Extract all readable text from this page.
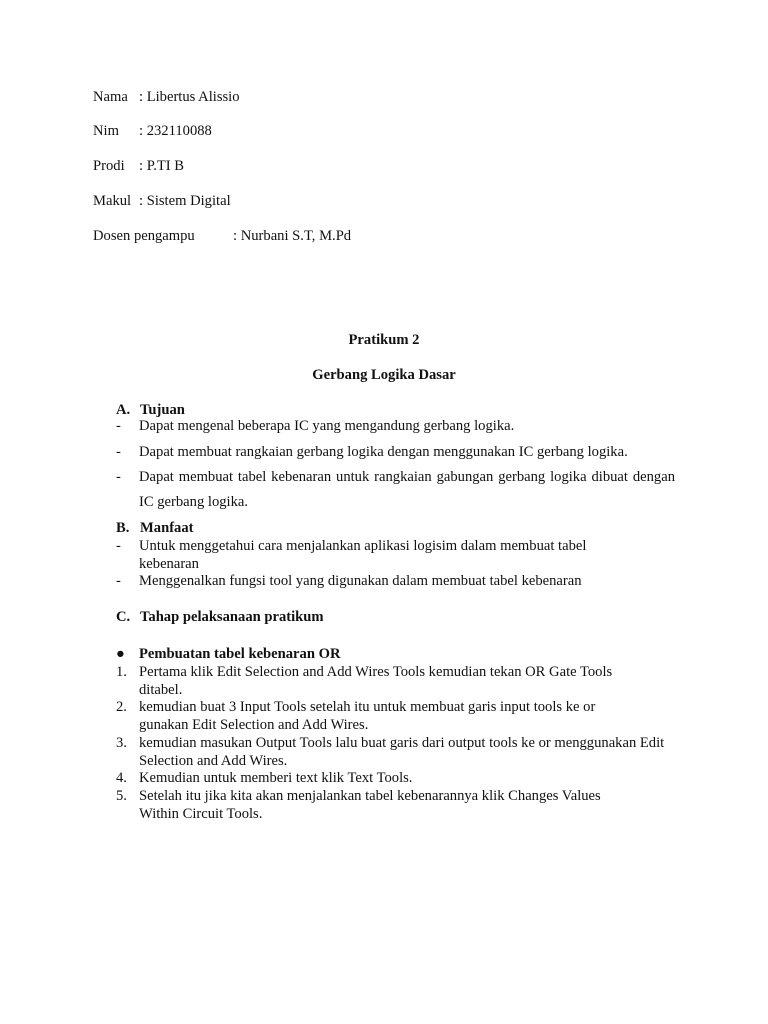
Nama : Libertus Alissio
Nim : 232110088
Prodi : P.TI B
Makul : Sistem Digital
Dosen pengampu	: Nurbani S.T, M.Pd
Pratikum 2
Gerbang Logika Dasar
A. Tujuan
-	Dapat mengenal beberapa IC yang mengandung gerbang logika.
-	Dapat membuat rangkaian gerbang logika dengan menggunakan IC gerbang logika.
-	Dapat membuat tabel kebenaran untuk rangkaian gabungan gerbang logika dibuat dengan IC gerbang logika.
B. Manfaat
-	Untuk menggetahui cara menjalankan aplikasi logisim dalam membuat tabel kebenaran
-	Menggenalkan fungsi tool yang digunakan dalam membuat tabel kebenaran
C. Tahap pelaksanaan pratikum
● Pembuatan tabel kebenaran OR
1. Pertama klik Edit Selection and Add Wires Tools kemudian tekan OR Gate Tools ditabel.
2. kemudian buat 3 Input Tools setelah itu untuk membuat garis input tools ke or gunakan Edit Selection and Add Wires.
3. kemudian masukan Output Tools lalu buat garis dari output tools ke or menggunakan Edit Selection and Add Wires.
4. Kemudian untuk memberi text klik Text Tools.
5. Setelah itu jika kita akan menjalankan tabel kebenarannya klik Changes Values Within Circuit Tools.
